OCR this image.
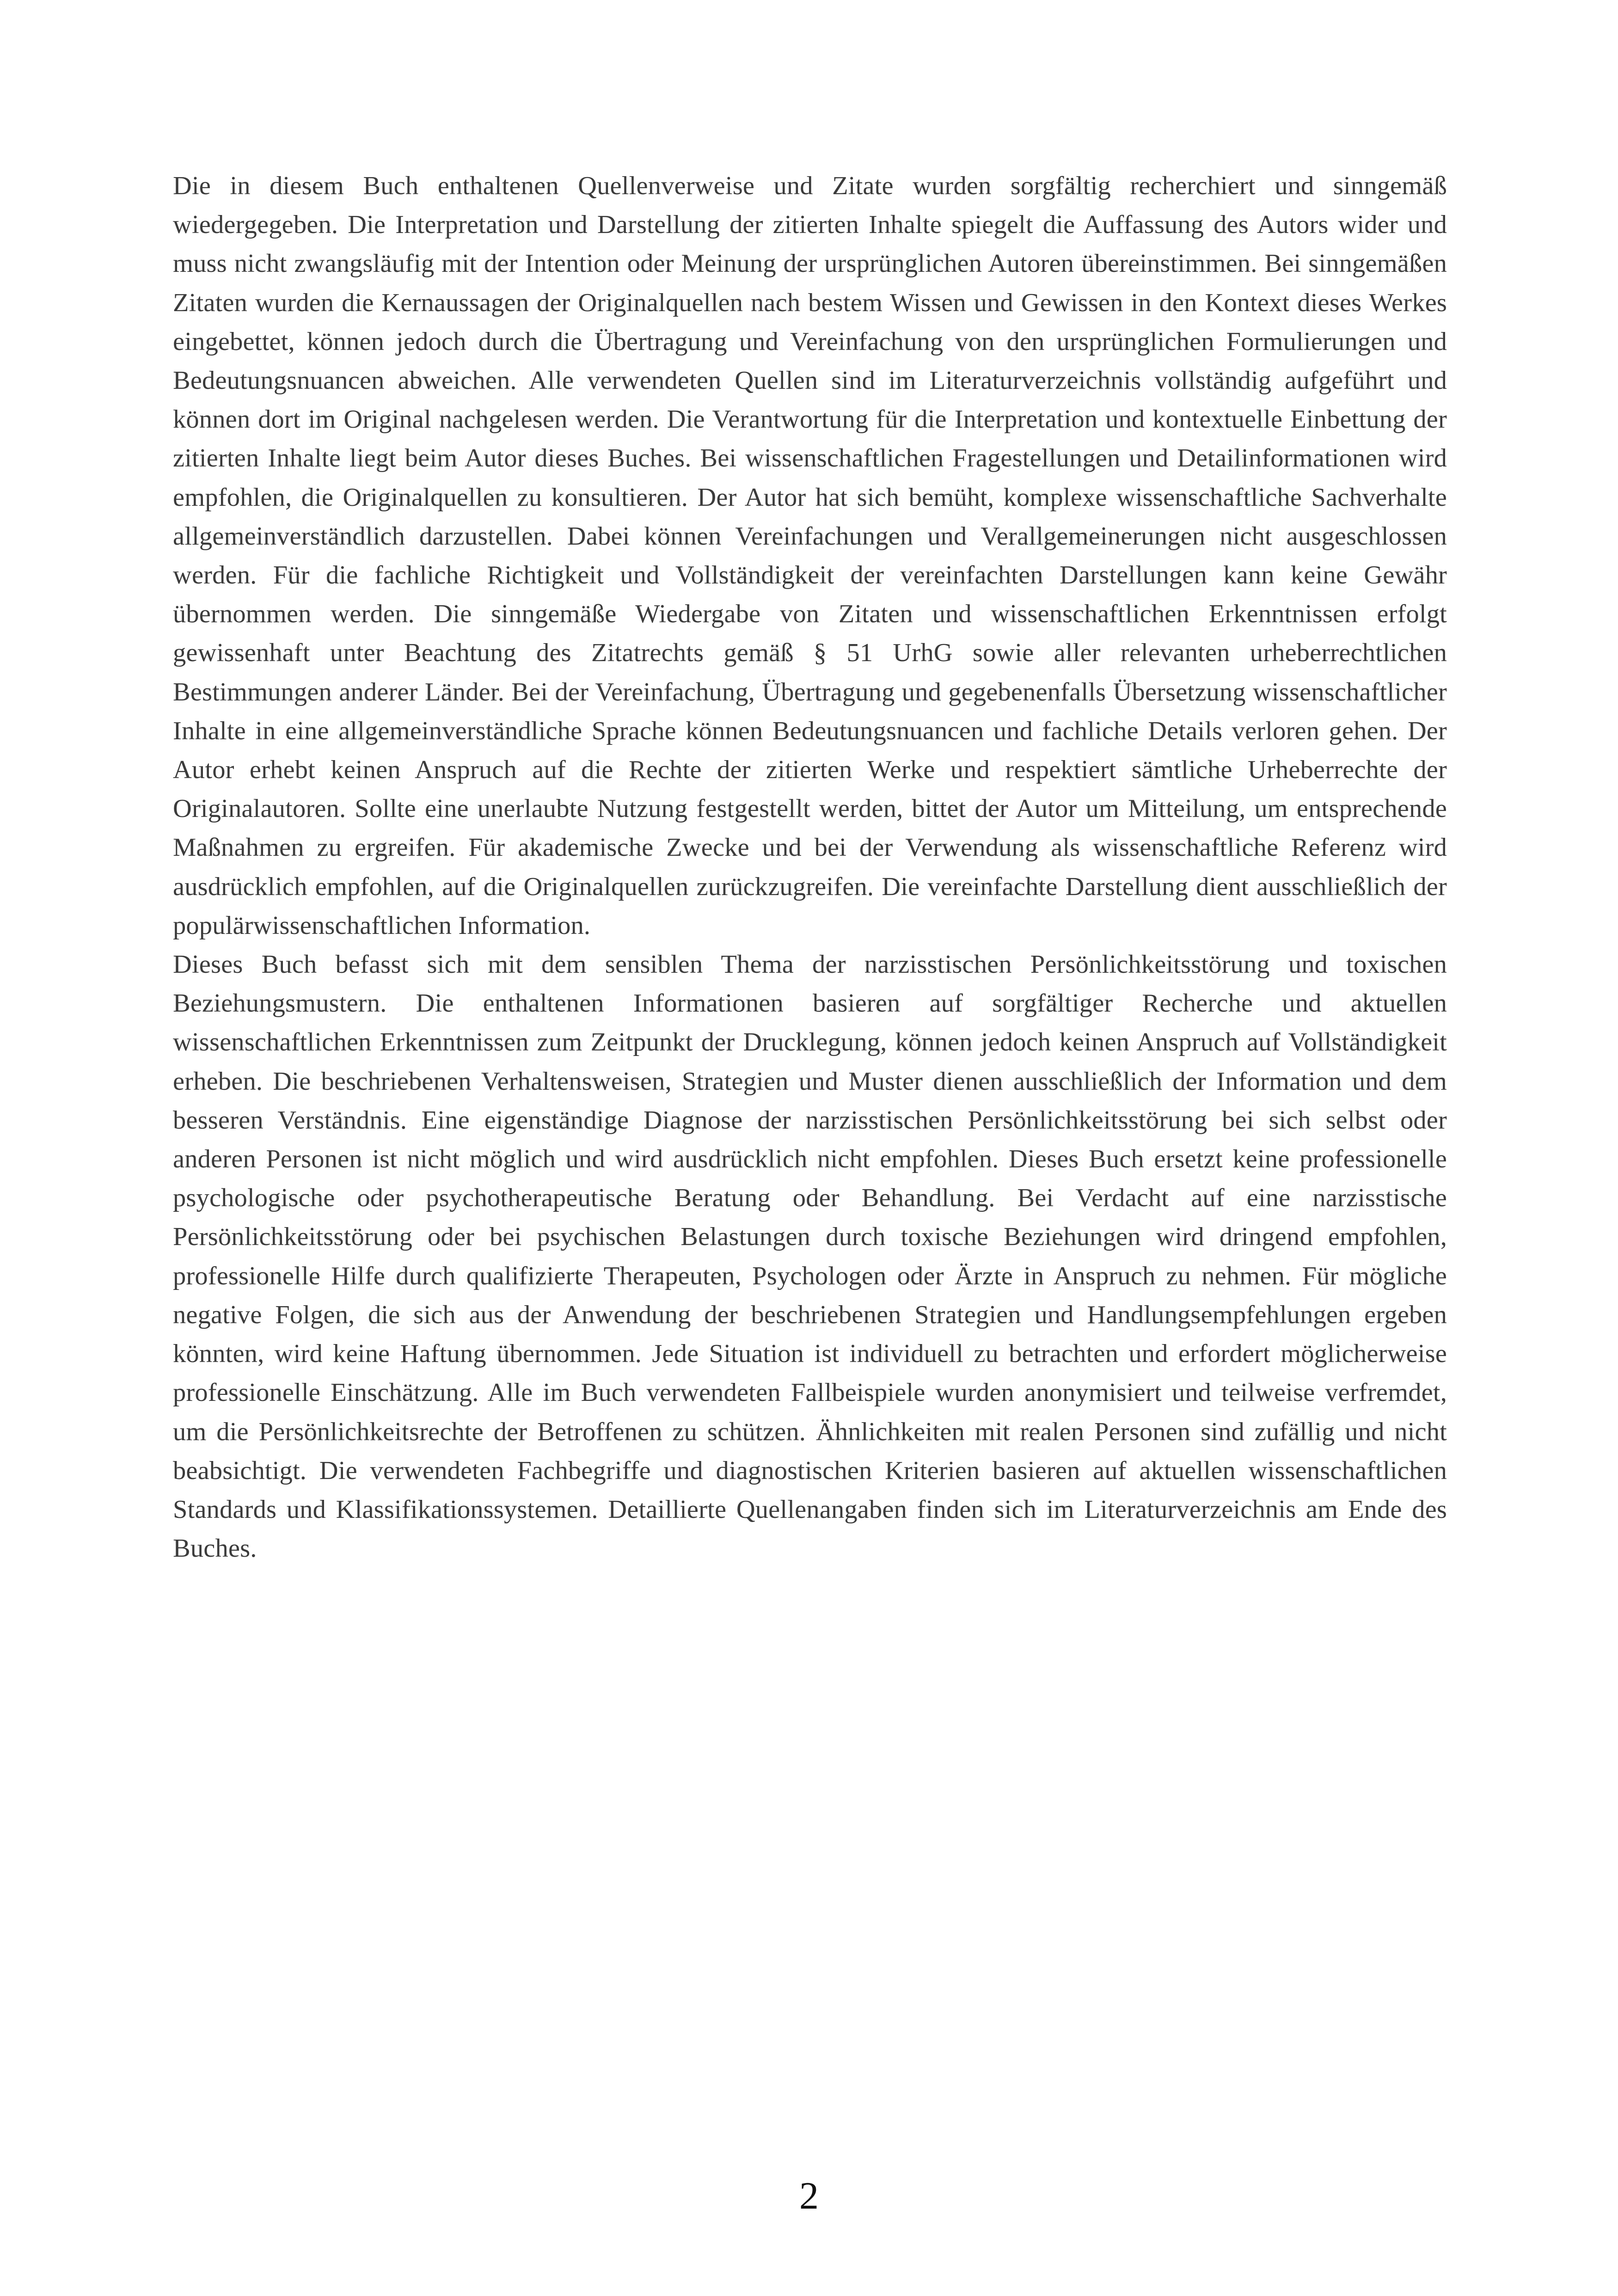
Die in diesem Buch enthaltenen Quellenverweise und Zitate wurden sorgfältig recherchiert und sinngemäß wiedergegeben. Die Interpretation und Darstellung der zitierten Inhalte spiegelt die Auffassung des Autors wider und muss nicht zwangsläufig mit der Intention oder Meinung der ursprünglichen Autoren übereinstimmen. Bei sinngemäßen Zitaten wurden die Kernaussagen der Originalquellen nach bestem Wissen und Gewissen in den Kontext dieses Werkes eingebettet, können jedoch durch die Übertragung und Vereinfachung von den ursprünglichen Formulierungen und Bedeutungsnuancen abweichen. Alle verwendeten Quellen sind im Literaturverzeichnis vollständig aufgeführt und können dort im Original nachgelesen werden. Die Verantwortung für die Interpretation und kontextuelle Einbettung der zitierten Inhalte liegt beim Autor dieses Buches. Bei wissenschaftlichen Fragestellungen und Detailinformationen wird empfohlen, die Originalquellen zu konsultieren. Der Autor hat sich bemüht, komplexe wissenschaftliche Sachverhalte allgemeinverständlich darzustellen. Dabei können Vereinfachungen und Verallgemeinerungen nicht ausgeschlossen werden. Für die fachliche Richtigkeit und Vollständigkeit der vereinfachten Darstellungen kann keine Gewähr übernommen werden. Die sinngemäße Wiedergabe von Zitaten und wissenschaftlichen Erkenntnissen erfolgt gewissenhaft unter Beachtung des Zitatrechts gemäß § 51 UrhG sowie aller relevanten urheberrechtlichen Bestimmungen anderer Länder. Bei der Vereinfachung, Übertragung und gegebenenfalls Übersetzung wissenschaftlicher Inhalte in eine allgemeinverständliche Sprache können Bedeutungsnuancen und fachliche Details verloren gehen. Der Autor erhebt keinen Anspruch auf die Rechte der zitierten Werke und respektiert sämtliche Urheberrechte der Originalautoren. Sollte eine unerlaubte Nutzung festgestellt werden, bittet der Autor um Mitteilung, um entsprechende Maßnahmen zu ergreifen. Für akademische Zwecke und bei der Verwendung als wissenschaftliche Referenz wird ausdrücklich empfohlen, auf die Originalquellen zurückzugreifen. Die vereinfachte Darstellung dient ausschließlich der populärwissenschaftlichen Information.

Dieses Buch befasst sich mit dem sensiblen Thema der narzisstischen Persönlichkeitsstörung und toxischen Beziehungsmustern. Die enthaltenen Informationen basieren auf sorgfältiger Recherche und aktuellen wissenschaftlichen Erkenntnissen zum Zeitpunkt der Drucklegung, können jedoch keinen Anspruch auf Vollständigkeit erheben. Die beschriebenen Verhaltensweisen, Strategien und Muster dienen ausschließlich der Information und dem besseren Verständnis. Eine eigenständige Diagnose der narzisstischen Persönlichkeitsstörung bei sich selbst oder anderen Personen ist nicht möglich und wird ausdrücklich nicht empfohlen. Dieses Buch ersetzt keine professionelle psychologische oder psychotherapeutische Beratung oder Behandlung. Bei Verdacht auf eine narzisstische Persönlichkeitsstörung oder bei psychischen Belastungen durch toxische Beziehungen wird dringend empfohlen, professionelle Hilfe durch qualifizierte Therapeuten, Psychologen oder Ärzte in Anspruch zu nehmen. Für mögliche negative Folgen, die sich aus der Anwendung der beschriebenen Strategien und Handlungsempfehlungen ergeben könnten, wird keine Haftung übernommen. Jede Situation ist individuell zu betrachten und erfordert möglicherweise professionelle Einschätzung. Alle im Buch verwendeten Fallbeispiele wurden anonymisiert und teilweise verfremdet, um die Persönlichkeitsrechte der Betroffenen zu schützen. Ähnlichkeiten mit realen Personen sind zufällig und nicht beabsichtigt. Die verwendeten Fachbegriffe und diagnostischen Kriterien basieren auf aktuellen wissenschaftlichen Standards und Klassifikationssystemen. Detaillierte Quellenangaben finden sich im Literaturverzeichnis am Ende des Buches.

2
